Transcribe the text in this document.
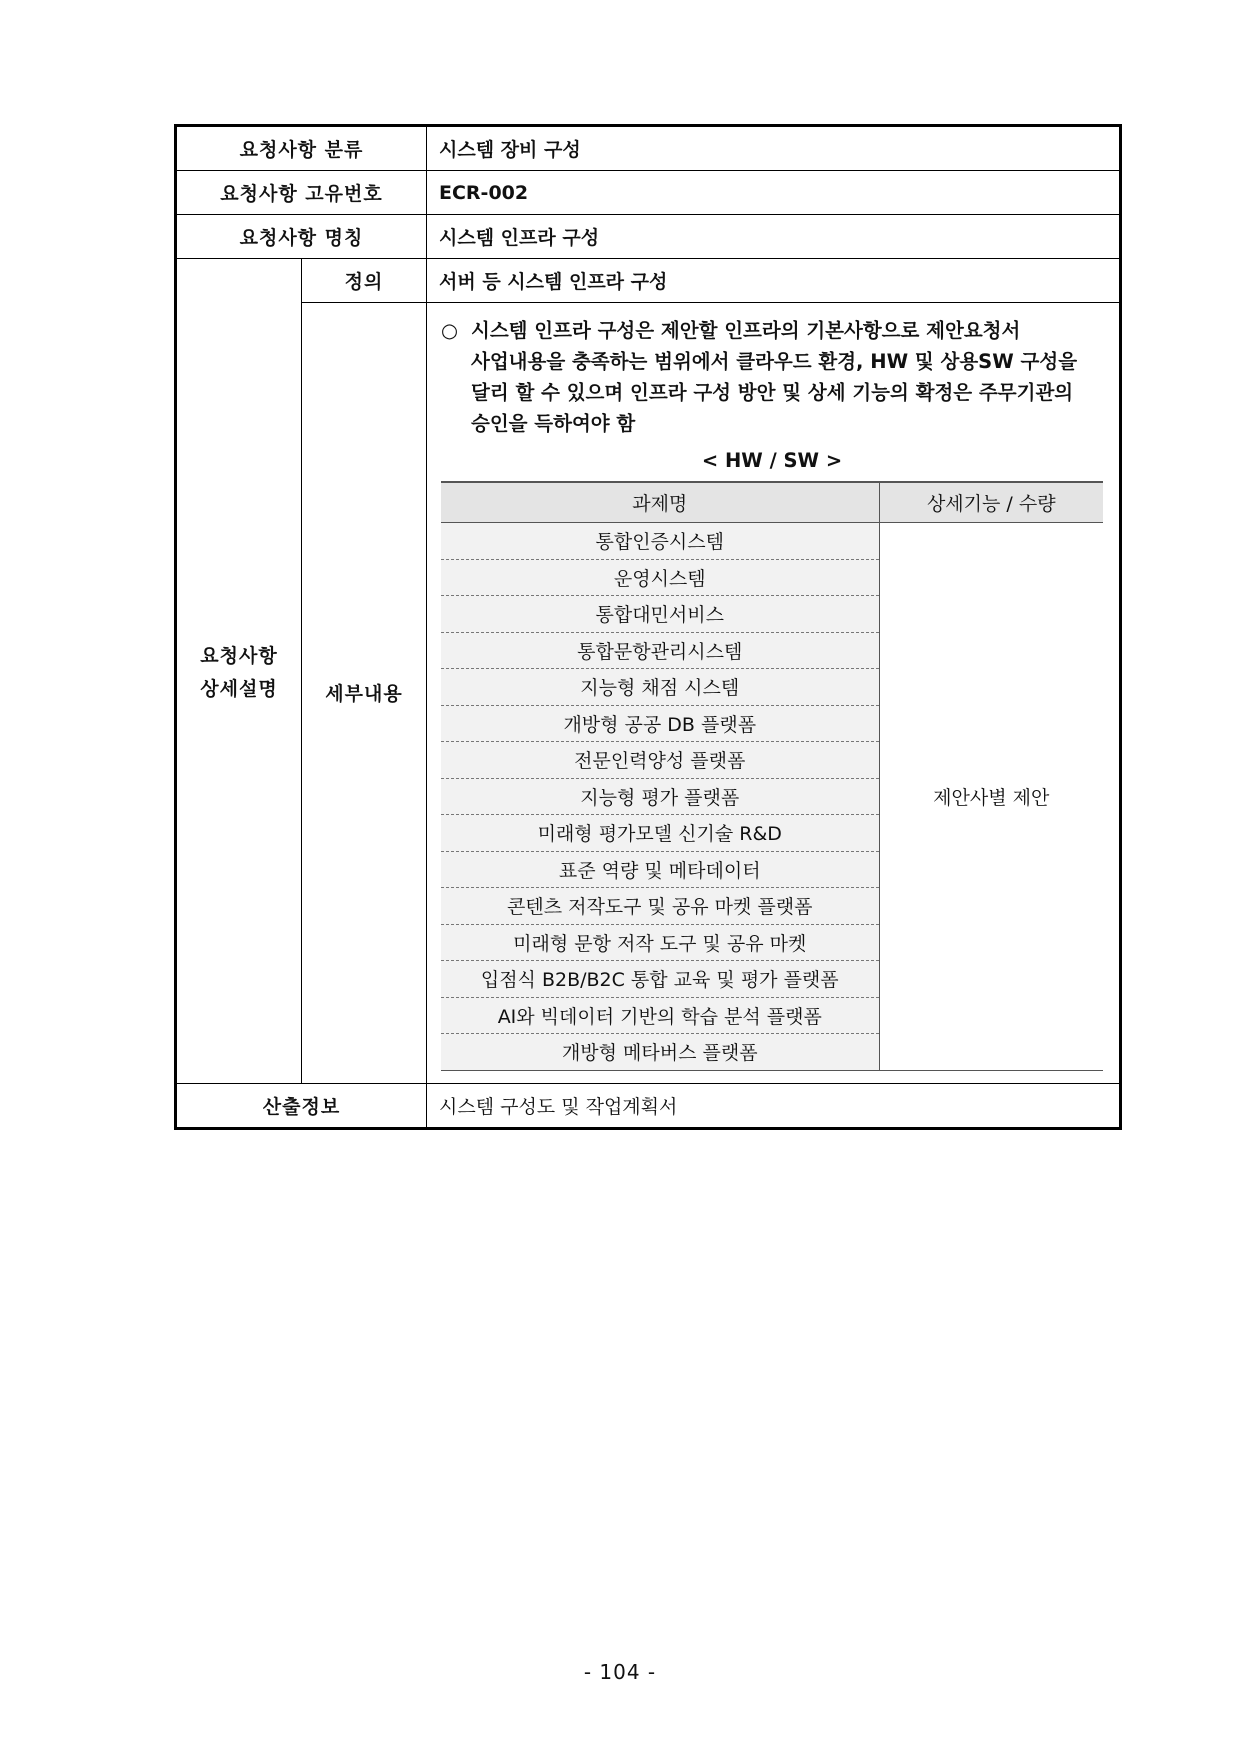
요청사항 분류	시스템 장비 구성
요청사항 고유번호	ECR-002
요청사항 명칭	시스템 인프라 구성

요청사항
상세설명
	정의	서버 등 시스템 인프라 구성
세부내용	

○ 시스템 인프라 구성은 제안할 인프라의 기본사항으로 제안요청서 사업내용을 충족하는 범위에서 클라우드 환경, HW 및 상용SW 구성을 달리 할 수 있으며 인프라 구성 방안 및 상세 기능의 확정은 주무기관의 승인을 득하여야 함

< HW / SW >
과제명	상세기능 / 수량
통합인증시스템	제안사별 제안
운영시스템
통합대민서비스
통합문항관리시스템
지능형 채점 시스템
개방형 공공 DB 플랫폼
전문인력양성 플랫폼
지능형 평가 플랫폼
미래형 평가모델 신기술 R&D
표준 역량 및 메타데이터
콘텐츠 저작도구 및 공유 마켓 플랫폼
미래형 문항 저작 도구 및 공유 마켓
입점식 B2B/B2C 통합 교육 및 평가 플랫폼
AI와 빅데이터 기반의 학습 분석 플랫폼
개방형 메타버스 플랫폼

산출정보	시스템 구성도 및 작업계획서
- 104 -
